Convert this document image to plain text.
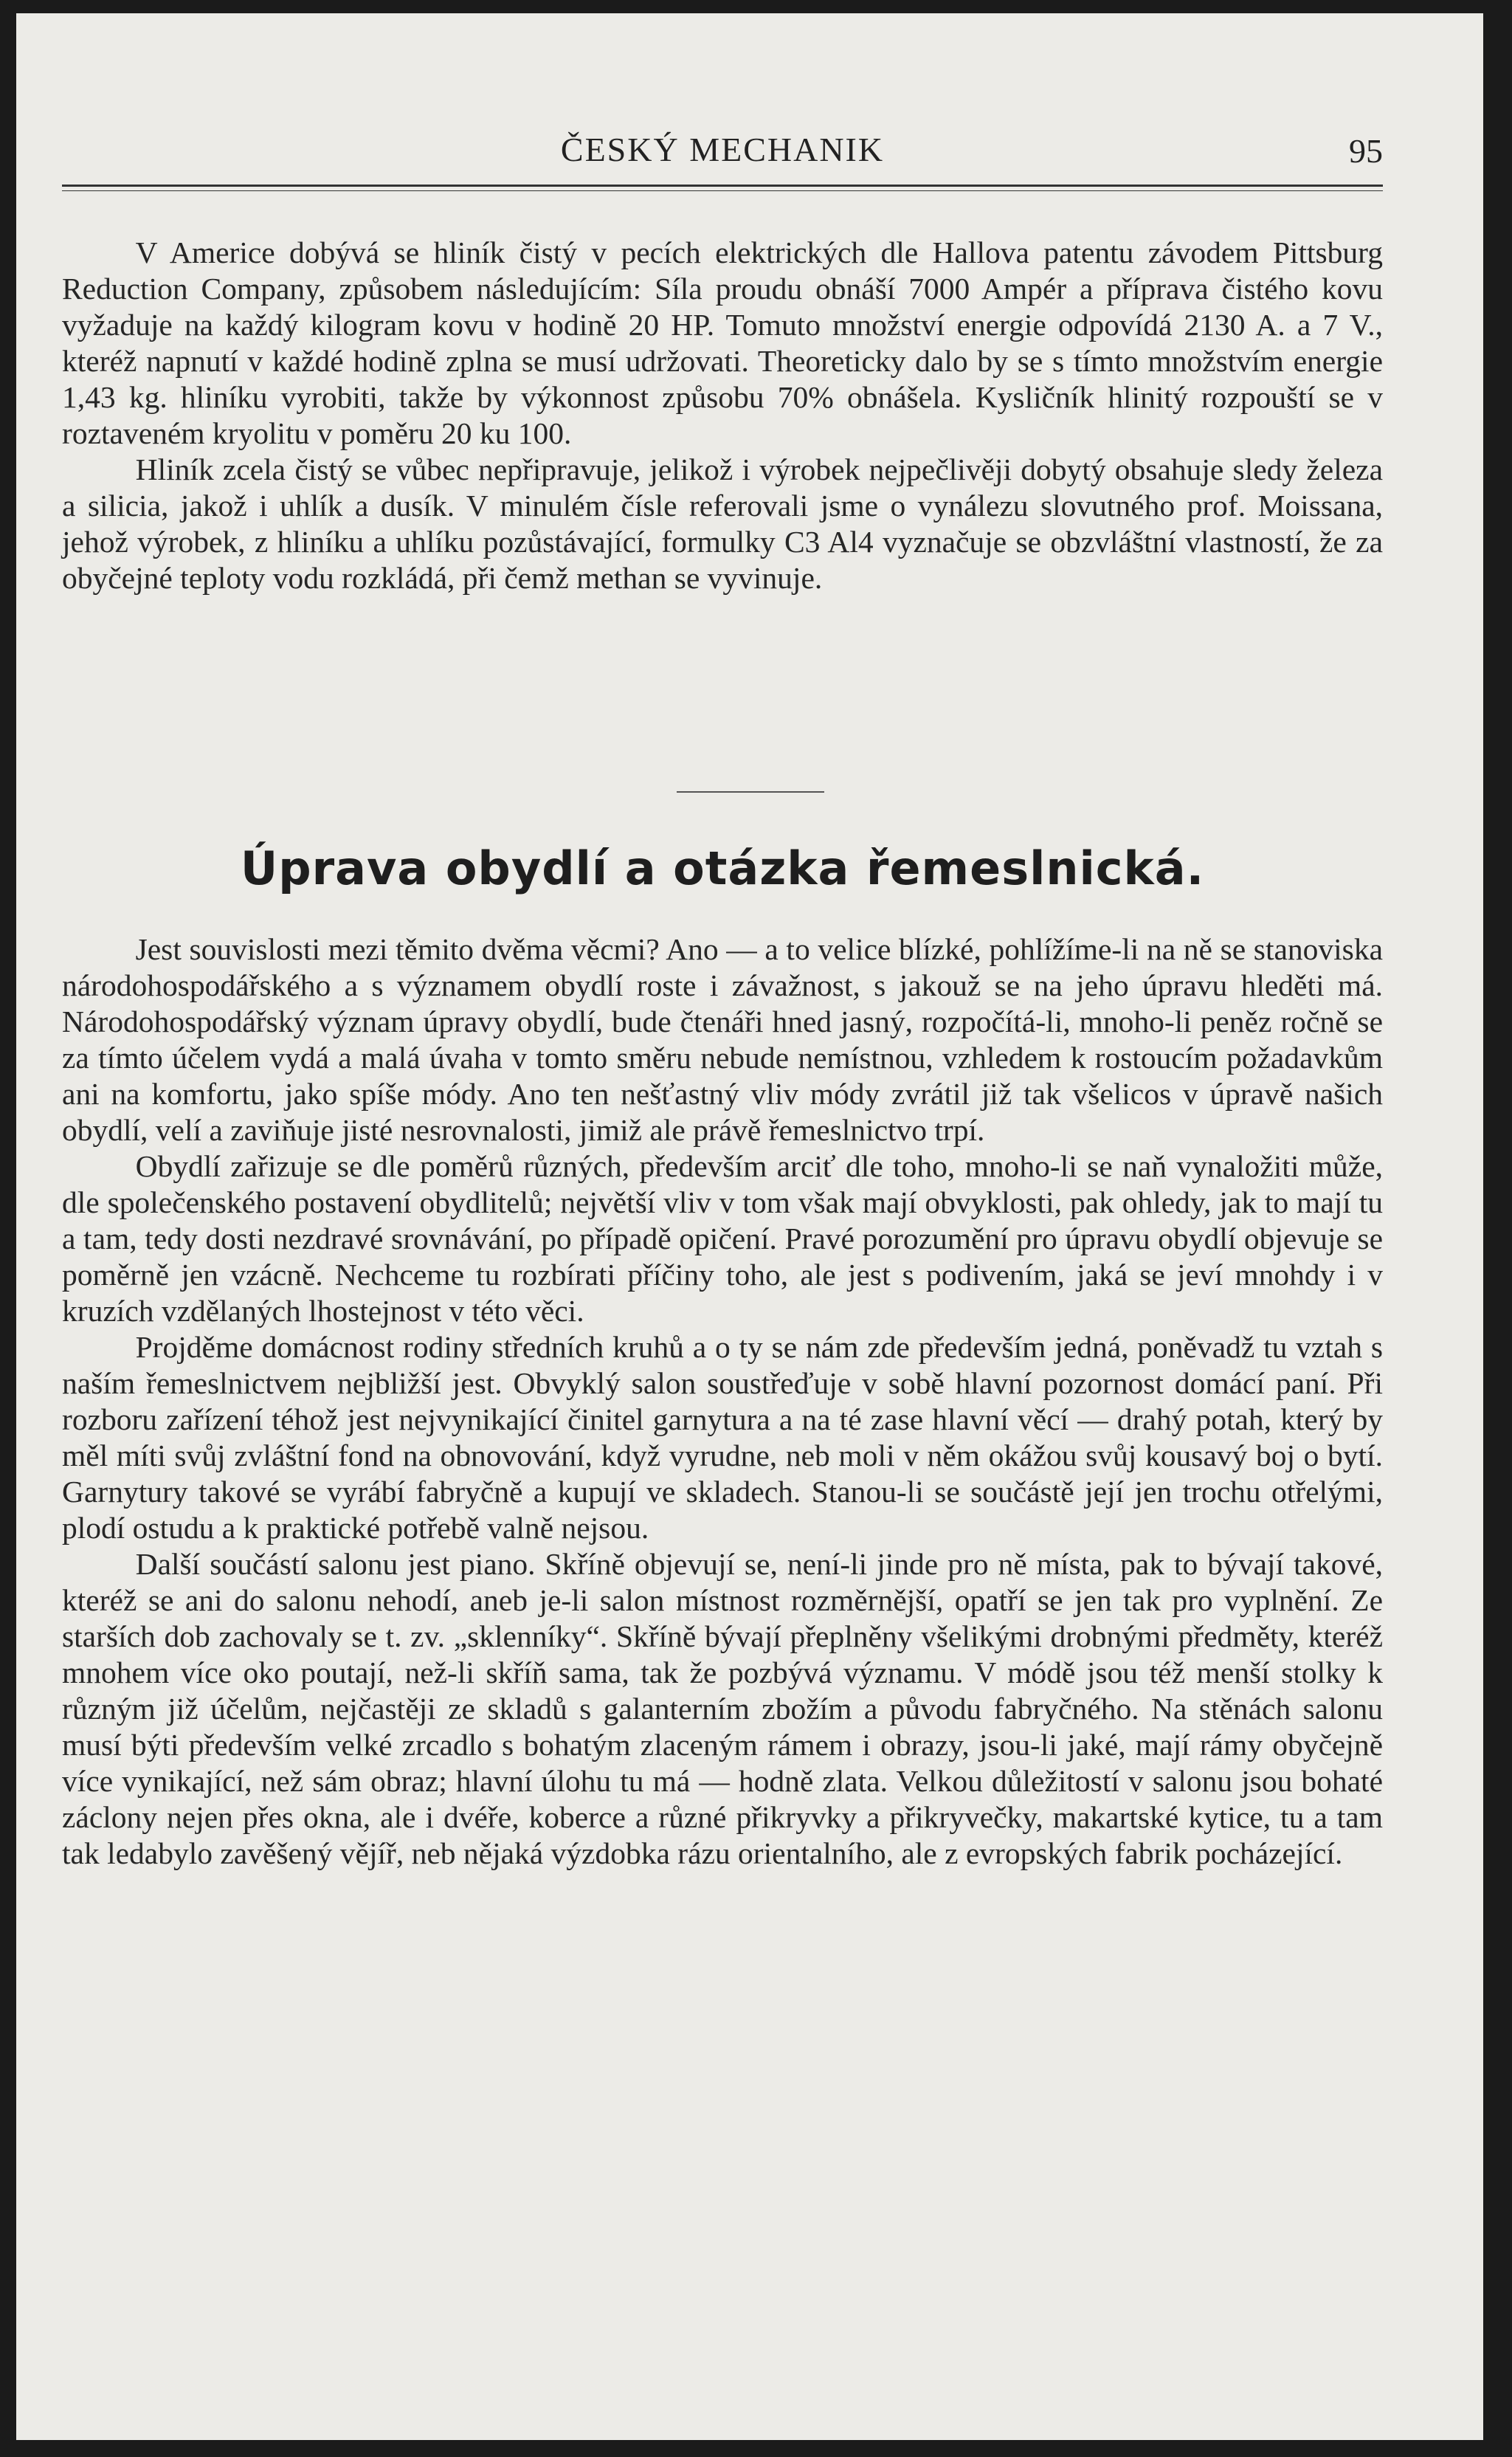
ČESKÝ MECHANIK	95

V Americe dobývá se hliník čistý v pecích elektrických dle Hallova patentu závodem Pittsburg Reduction Company, způsobem následujícím: Síla proudu obnáší 7000 Ampér a příprava čistého kovu vyžaduje na každý kilogram kovu v hodině 20 HP. Tomuto množství energie odpovídá 2130 A. a 7 V., kteréž napnutí v každé hodině zplna se musí udržovati. Theoreticky dalo by se s tímto množstvím energie 1,43 kg. hliníku vyrobiti, takže by výkonnost způsobu 70% obnášela. Kysličník hlinitý rozpouští se v roztaveném kryolitu v poměru 20 ku 100.

Hliník zcela čistý se vůbec nepřipravuje, jelikož i výrobek nejpečlivěji dobytý obsahuje sledy železa a silicia, jakož i uhlík a dusík. V minulém čísle referovali jsme o vynálezu slovutného prof. Moissana, jehož výrobek, z hliníku a uhlíku pozůstávající, formulky C3 Al4 vyznačuje se obzvláštní vlastností, že za obyčejné teploty vodu rozkládá, při čemž methan se vyvinuje.

Úprava obydlí a otázka řemeslnická.

Jest souvislosti mezi těmito dvěma věcmi? Ano — a to velice blízké, pohlížíme-li na ně se stanoviska národohospodářského a s významem obydlí roste i závažnost, s jakouž se na jeho úpravu hleděti má. Národohospodářský význam úpravy obydlí, bude čtenáři hned jasný, rozpočítá-li, mnoho-li peněz ročně se za tímto účelem vydá a malá úvaha v tomto směru nebude nemístnou, vzhledem k rostoucím požadavkům ani na komfortu, jako spíše módy. Ano ten nešťastný vliv módy zvrátil již tak všelicos v úpravě našich obydlí, velí a zaviňuje jisté nesrovnalosti, jimiž ale právě řemeslnictvo trpí.

Obydlí zařizuje se dle poměrů různých, především arciť dle toho, mnoho-li se naň vynaložiti může, dle společenského postavení obydlitelů; největší vliv v tom však mají obvyklosti, pak ohledy, jak to mají tu a tam, tedy dosti nezdravé srovnávání, po případě opičení. Pravé porozumění pro úpravu obydlí objevuje se poměrně jen vzácně. Nechceme tu rozbírati příčiny toho, ale jest s podivením, jaká se jeví mnohdy i v kruzích vzdělaných lhostejnost v této věci.

Projděme domácnost rodiny středních kruhů a o ty se nám zde především jedná, poněvadž tu vztah s naším řemeslnictvem nejbližší jest. Obvyklý salon soustřeďuje v sobě hlavní pozornost domácí paní. Při rozboru zařízení téhož jest nejvynikající činitel garnytura a na té zase hlavní věcí — drahý potah, který by měl míti svůj zvláštní fond na obnovování, když vyrudne, neb moli v něm okážou svůj kousavý boj o bytí. Garnytury takové se vyrábí fabryčně a kupují ve skladech. Stanou-li se součástě její jen trochu otřelými, plodí ostudu a k praktické potřebě valně nejsou.

Další součástí salonu jest piano. Skříně objevují se, není-li jinde pro ně místa, pak to bývají takové, kteréž se ani do salonu nehodí, aneb je-li salon místnost rozměrnější, opatří se jen tak pro vyplnění. Ze starších dob zachovaly se t. zv. „sklenníky“. Skříně bývají přeplněny všelikými drobnými předměty, kteréž mnohem více oko poutají, než-li skříň sama, tak že pozbývá významu. V módě jsou též menší stolky k různým již účelům, nejčastěji ze skladů s galanterním zbožím a původu fabryčného. Na stěnách salonu musí býti především velké zrcadlo s bohatým zlaceným rámem i obrazy, jsou-li jaké, mají rámy obyčejně více vynikající, než sám obraz; hlavní úlohu tu má — hodně zlata. Velkou důležitostí v salonu jsou bohaté záclony nejen přes okna, ale i dvéře, koberce a různé přikryvky a přikryvečky, makartské kytice, tu a tam tak ledabylo zavěšený vějíř, neb nějaká výzdobka rázu orientalního, ale z evropských fabrik pocházející.
